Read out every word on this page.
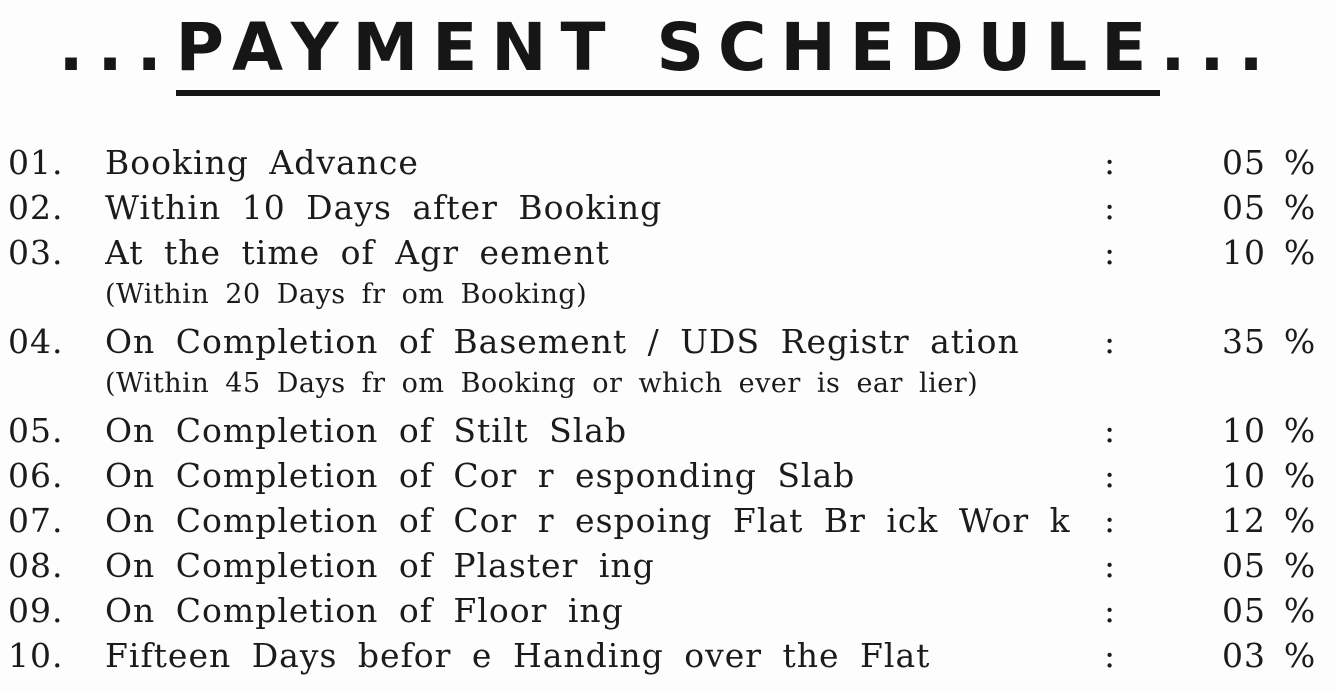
...PAYMENT SCHEDULE...
01.	Booking Advance	:	05 %
02.	Within 10 Days after Booking	:	05 %
03.	At the time of Agr eement	:	10 %
(Within 20 Days fr om Booking)
04.	On Completion of Basement / UDS Registr ation	:	35 %
(Within 45 Days fr om Booking or which ever is ear lier)
05.	On Completion of Stilt Slab	:	10 %
06.	On Completion of Cor r esponding Slab	:	10 %
07.	On Completion of Cor r espoing Flat Br ick Wor k	:	12 %
08.	On Completion of Plaster ing	:	05 %
09.	On Completion of Floor ing	:	05 %
10.	Fifteen Days befor e Handing over the Flat	:	03 %
